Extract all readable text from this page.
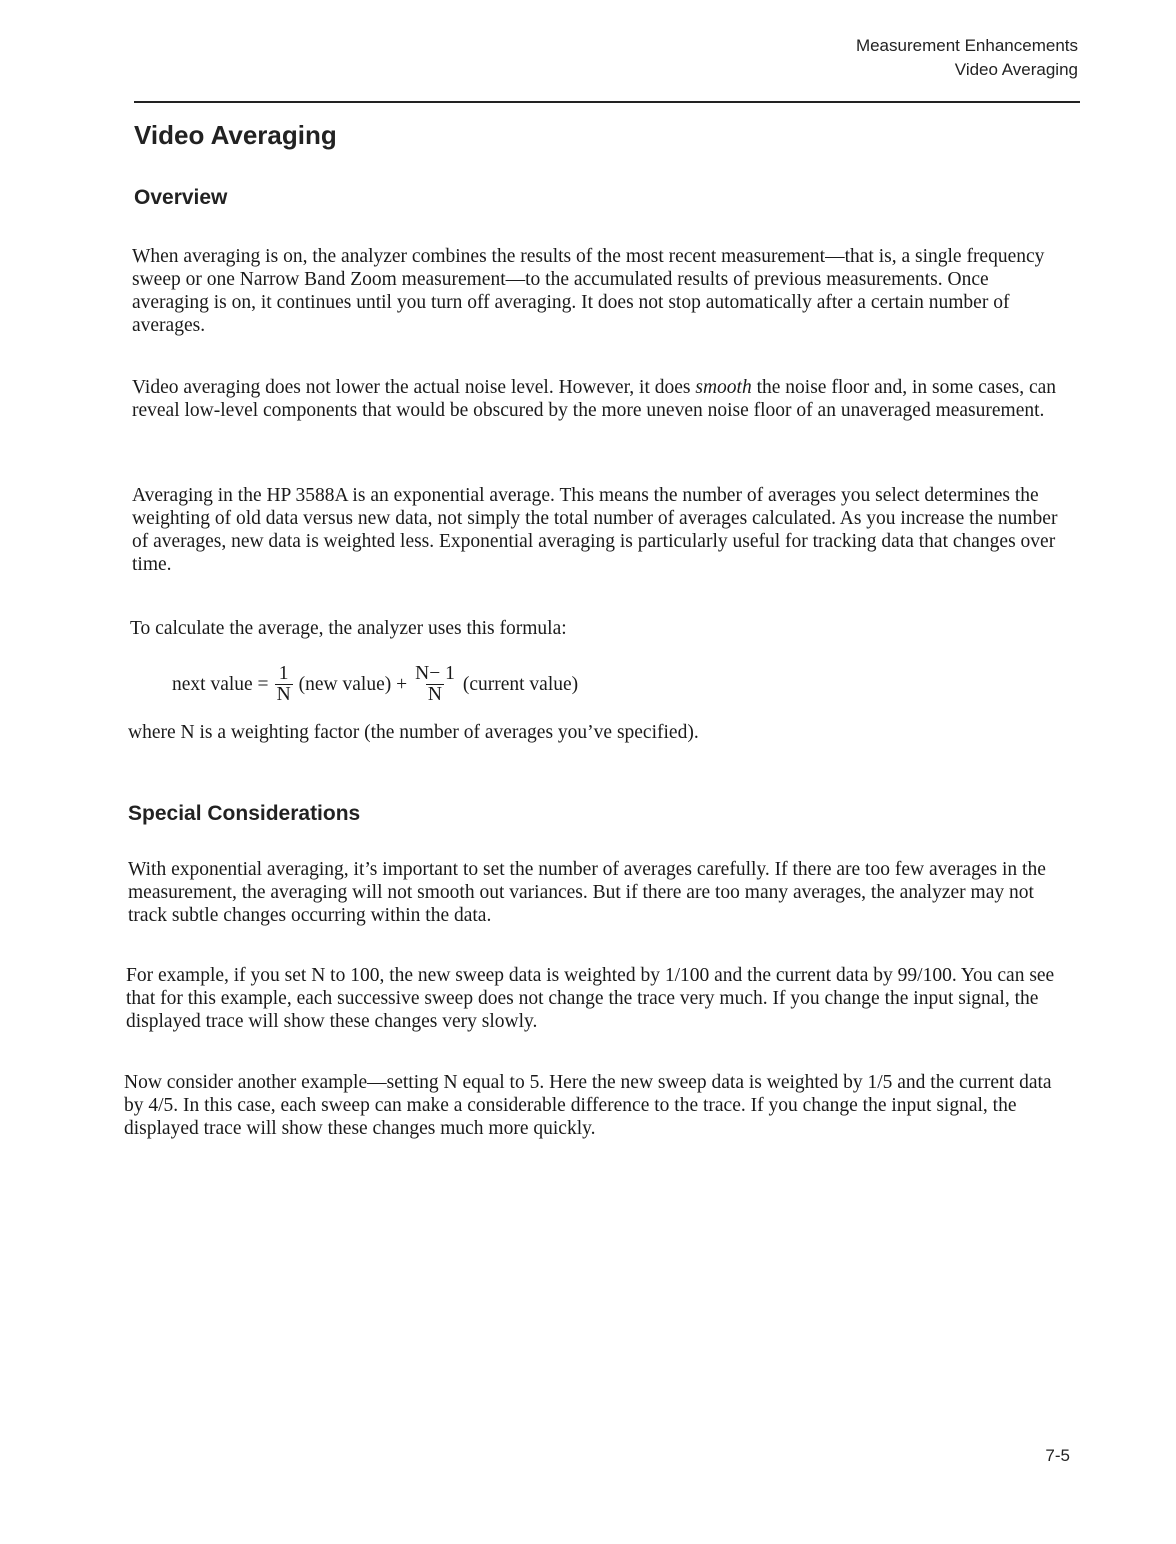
Measurement Enhancements
Video Averaging
Video Averaging
Overview

When averaging is on, the analyzer combines the results of the most recent measurement—that is, a single frequency sweep or one Narrow Band Zoom measurement—to the accumulated results of previous measurements. Once averaging is on, it continues until you turn off averaging. It does not stop automatically after a certain number of averages.

Video averaging does not lower the actual noise level. However, it does smooth the noise floor and, in some cases, can reveal low-level components that would be obscured by the more uneven noise floor of an unaveraged measurement.

Averaging in the HP 3588A is an exponential average. This means the number of averages you select determines the weighting of old data versus new data, not simply the total number of averages calculated. As you increase the number of averages, new data is weighted less. Exponential averaging is particularly useful for tracking data that changes over time.

To calculate the average, the analyzer uses this formula:

next value = $\frac{1}{N} (new$ value) + $\frac{N- 1}{N}$ (current value)

where N is a weighting factor (the number of averages you’ve specified).

Special Considerations

With exponential averaging, it’s important to set the number of averages carefully. If there are too few averages in the measurement, the averaging will not smooth out variances. But if there are too many averages, the analyzer may not track subtle changes occurring within the data.

For example, if you set N to 100, the new sweep data is weighted by 1/100 and the current data by 99/100. You can see that for this example, each successive sweep does not change the trace very much. If you change the input signal, the displayed trace will show these changes very slowly.

Now consider another example—setting N equal to 5. Here the new sweep data is weighted by 1/5 and the current data by 4/5. In this case, each sweep can make a considerable difference to the trace. If you change the input signal, the displayed trace will show these changes much more quickly.

7-5
